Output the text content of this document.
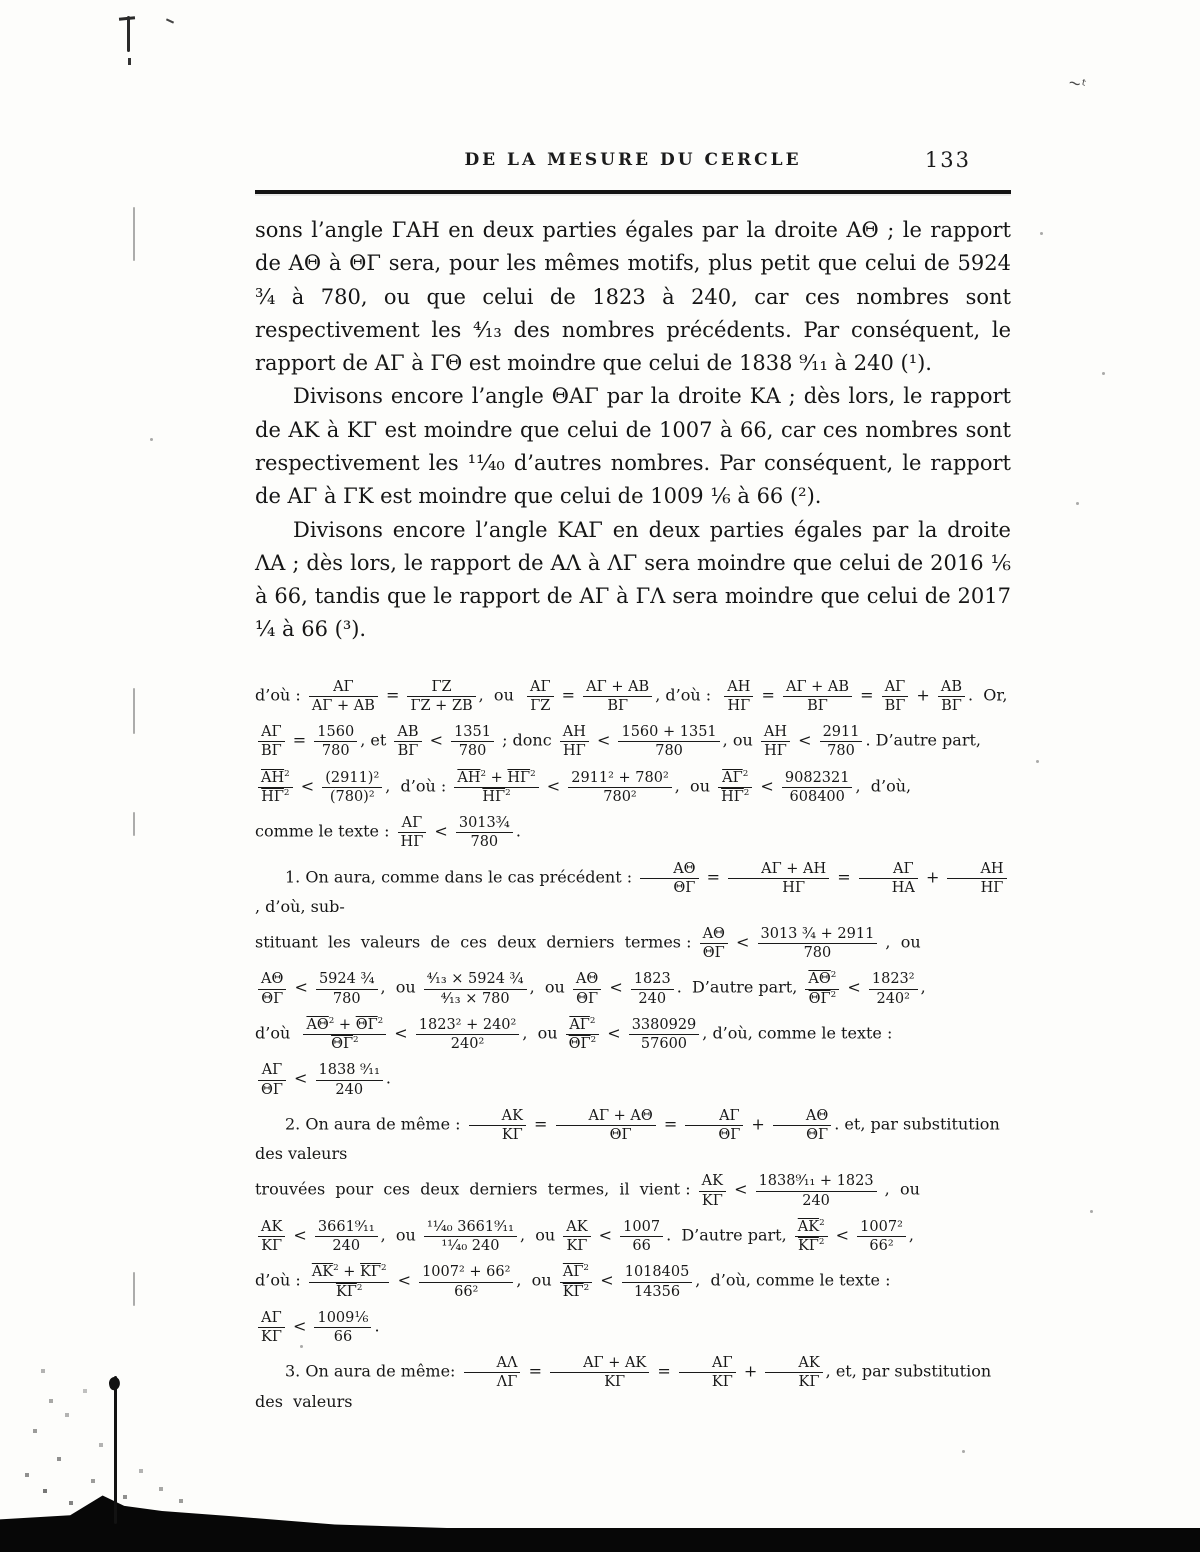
DE LA MESURE DU CERCLE	133

sons l’angle ΓΑΗ en deux parties égales par la droite ΑΘ ; le rapport de ΑΘ à ΘΓ sera, pour les mêmes motifs, plus petit que celui de 5924 ¾ à 780, ou que celui de 1823 à 240, car ces nombres sont respectivement les ⁴⁄₁₃ des nombres précédents. Par conséquent, le rapport de ΑΓ à ΓΘ est moindre que celui de 1838 ⁹⁄₁₁ à 240 (¹).

Divisons encore l’angle ΘΑΓ par la droite ΚΑ ; dès lors, le rapport de ΑΚ à ΚΓ est moindre que celui de 1007 à 66, car ces nombres sont respectivement les ¹¹⁄₄₀ d’autres nombres. Par conséquent, le rapport de ΑΓ à ΓΚ est moindre que celui de 1009 ⅙ à 66 (²).

Divisons encore l’angle ΚΑΓ en deux parties égales par la droite ΛΑ ; dès lors, le rapport de ΑΛ à ΛΓ sera moindre que celui de 2016 ⅙ à 66, tandis que le rapport de ΑΓ à ΓΛ sera moindre que celui de 2017 ¼ à 66 (³).

d’où : $\frac{A\Gamma}{A\Gamma + AB} = \frac{\Gamma Z}{\Gamma Z + ZB}$ ,  ou $\frac{A\Gamma}{\Gamma Z} = \frac{A\Gamma + AB}{B\Gamma}$ , d’où : $\frac{AH}{H\Gamma} = \frac{A\Gamma + AB}{B\Gamma} = \frac{A\Gamma}{B\Gamma} + \frac{AB}{B\Gamma}$ .  Or,
$\frac{A\Gamma}{B\Gamma} = \frac{1560}{780}$ , et $\frac{AB}{B\Gamma} < \frac{1351}{780}$ ; donc $\frac{AH}{H\Gamma} < \frac{1560 + 1351}{780}$ , ou $\frac{AH}{H\Gamma} < \frac{2911}{780}$ . D’autre part,
$\frac{\overline{AH}^2}{\overline{H\Gamma}^2} < \frac{\text{(2911)²}}{\text{(780)²}}$ ,  d’où : $\frac{\overline{AH}^2 + \overline{H\Gamma}^2}{\overline{H\Gamma}^2} < \frac{\text{2911² + 780²}}{\text{780²}}$ ,  ou $\frac{\overline{A\Gamma}^2}{\overline{H\Gamma}^2} < \frac{9082321}{608400}$ ,  d’où,
comme le texte : $\frac{A\Gamma}{H\Gamma} < \frac{\text{3013¾}}{780}$ .
1. On aura, comme dans le cas précédent : $\frac{A\Theta}{\Theta\Gamma} = \frac{A\Gamma + AH}{H\Gamma} = \frac{A\Gamma}{HA} + \frac{AH}{H\Gamma}$
, d’où, sub-
stituant  les  valeurs  de  ces  deux  derniers  termes : $\frac{A\Theta}{\Theta\Gamma} < \frac{\text{3013 ¾ + 2911}}{780}$ ,  ou
$\frac{A\Theta}{\Theta\Gamma} < \frac{\text{5924 ¾}}{780}$ ,  ou $\frac{\text{⁴⁄₁₃ × 5924 ¾}}{\text{⁴⁄₁₃ × 780}}$ ,  ou $\frac{A\Theta}{\Theta\Gamma} < \frac{1823}{240}$ .  D’autre part, $\frac{\overline{A\Theta}^2}{\overline{\Theta\Gamma}^2} < \frac{\text{1823²}}{\text{240²}}$ ,
d’où $\frac{\overline{A\Theta}^2 + \overline{\Theta\Gamma}^2}{\overline{\Theta\Gamma}^2} < \frac{\text{1823² + 240²}}{\text{240²}}$ ,  ou $\frac{\overline{A\Gamma}^2}{\overline{\Theta\Gamma}^2} < \frac{3380929}{57600}$ , d’où, comme le texte :
$\frac{A\Gamma}{\Theta\Gamma} < \frac{\text{1838 ⁹⁄₁₁}}{240}$ .
2. On aura de même : $\frac{AK}{K\Gamma} = \frac{A\Gamma + A\Theta}{\Theta\Gamma} = \frac{A\Gamma}{\Theta\Gamma} + \frac{A\Theta}{\Theta\Gamma}$ . et, par substitution des valeurs
trouvées  pour  ces  deux  derniers  termes,  il  vient : $\frac{AK}{K\Gamma} < \frac{\text{1838⁹⁄₁₁ + 1823}}{240}$ ,  ou
$\frac{AK}{K\Gamma} < \frac{\text{3661⁹⁄₁₁}}{240}$ ,  ou $\frac{\text{¹¹⁄₄₀ 3661⁹⁄₁₁}}{\text{¹¹⁄₄₀ 240}}$ ,  ou $\frac{AK}{K\Gamma} < \frac{1007}{66}$ .  D’autre part, $\frac{\overline{AK}^2}{\overline{K\Gamma}^2} < \frac{\text{1007²}}{\text{66²}}$ ,
d’où : $\frac{\overline{AK}^2 + \overline{K\Gamma}^2}{\overline{K\Gamma}^2} < \frac{\text{1007² + 66²}}{\text{66²}}$ ,  ou $\frac{\overline{A\Gamma}^2}{\overline{K\Gamma}^2} < \frac{1018405}{14356}$ ,  d’où, comme le texte :
$\frac{A\Gamma}{K\Gamma} < \frac{\text{1009⅙}}{66}$ .
3. On aura de même: $\frac{A\Lambda}{\Lambda\Gamma} = \frac{A\Gamma + AK}{K\Gamma} = \frac{A\Gamma}{K\Gamma} + \frac{AK}{K\Gamma}$ , et, par substitution des  valeurs
∼ᵗ
